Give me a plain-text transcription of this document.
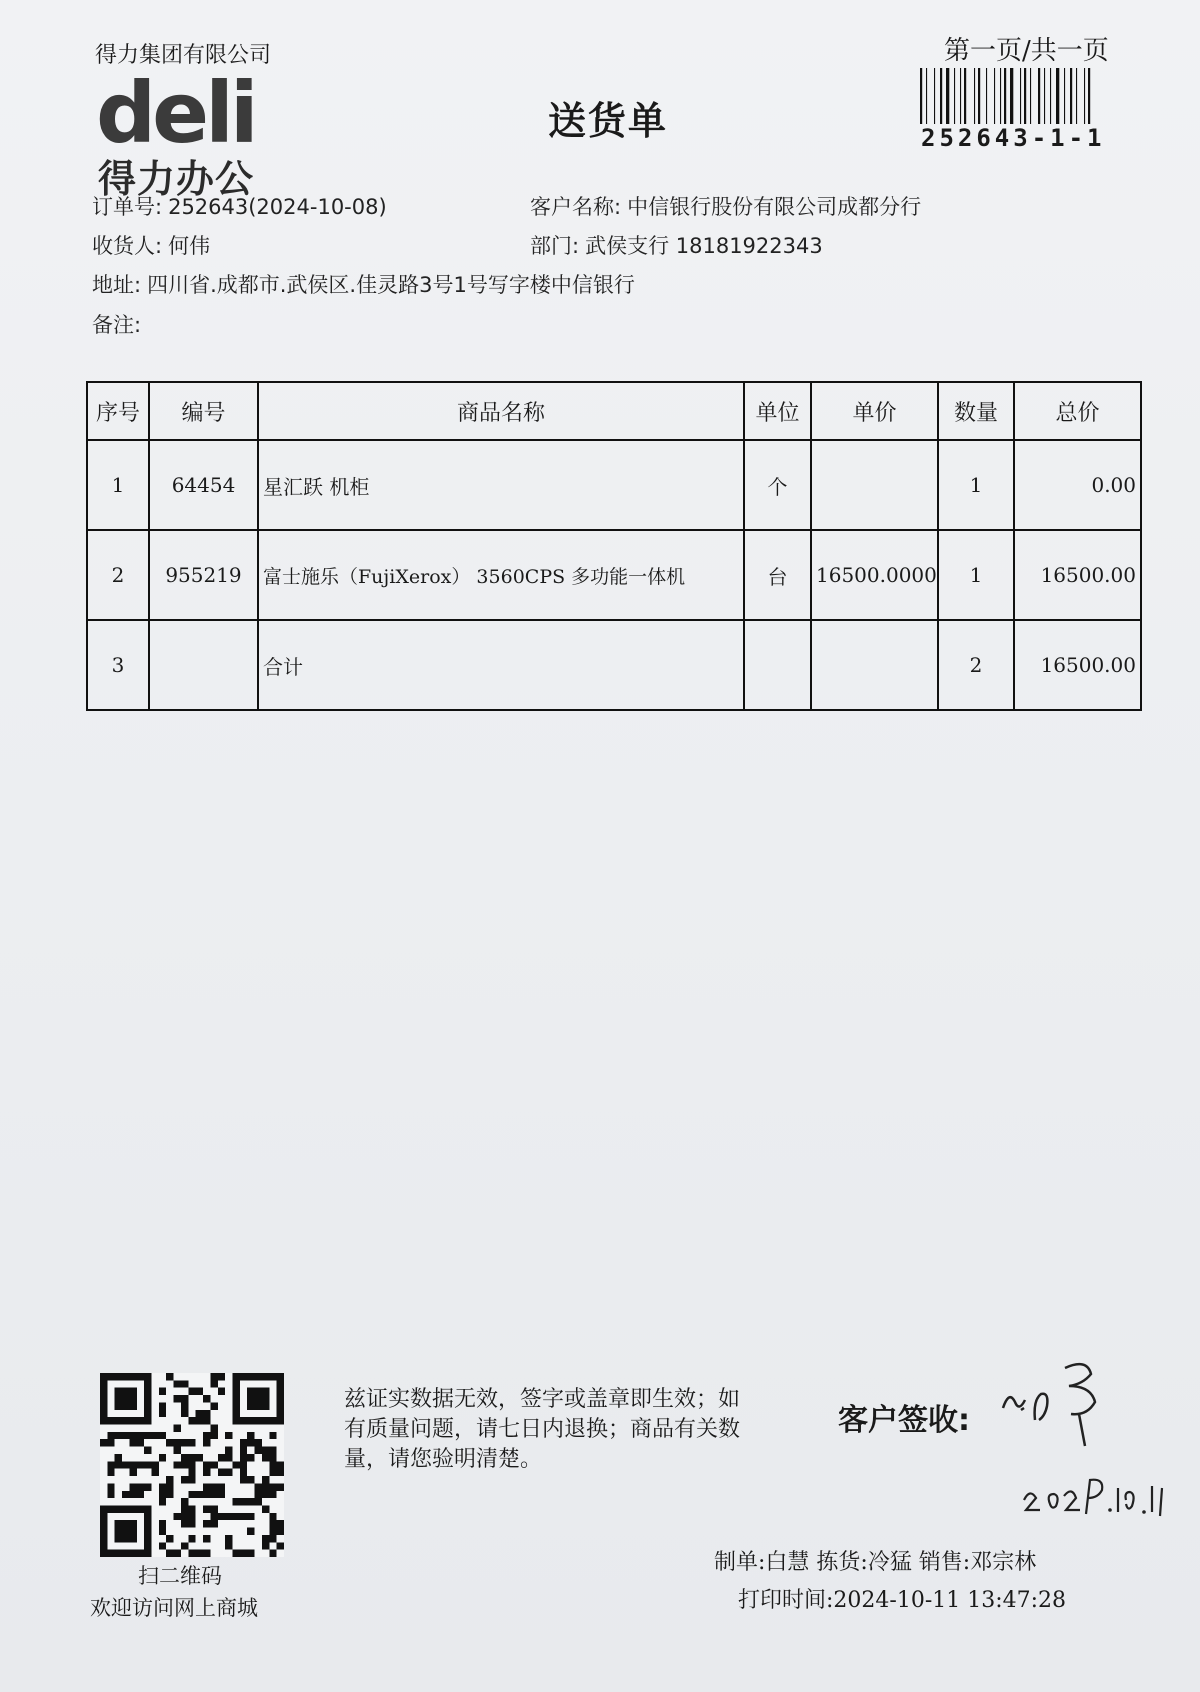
得力集团有限公司
deli
得力办公
送货单
第一页/共一页
252643-1-1
订单号: 252643(2024-10-08)	客户名称: 中信银行股份有限公司成都分行
收货人: 何伟	部门: 武侯支行 18181922343
地址: 四川省.成都市.武侯区.佳灵路3号1号写字楼中信银行
备注:
序号	编号	商品名称	单位	单价	数量	总价
1	64454	星汇跃 机柜	个		1	0.00
2	955219	富士施乐（FujiXerox） 3560CPS 多功能一体机	台	16500.0000	1	16500.00
3		合计			2	16500.00
扫二维码
欢迎访问网上商城
兹证实数据无效，签字或盖章即生效；如有质量问题，请七日内退换；商品有关数量，请您验明清楚。
客户签收:
制单:白慧 拣货:冷猛 销售:邓宗林
打印时间:2024-10-11 13:47:28
